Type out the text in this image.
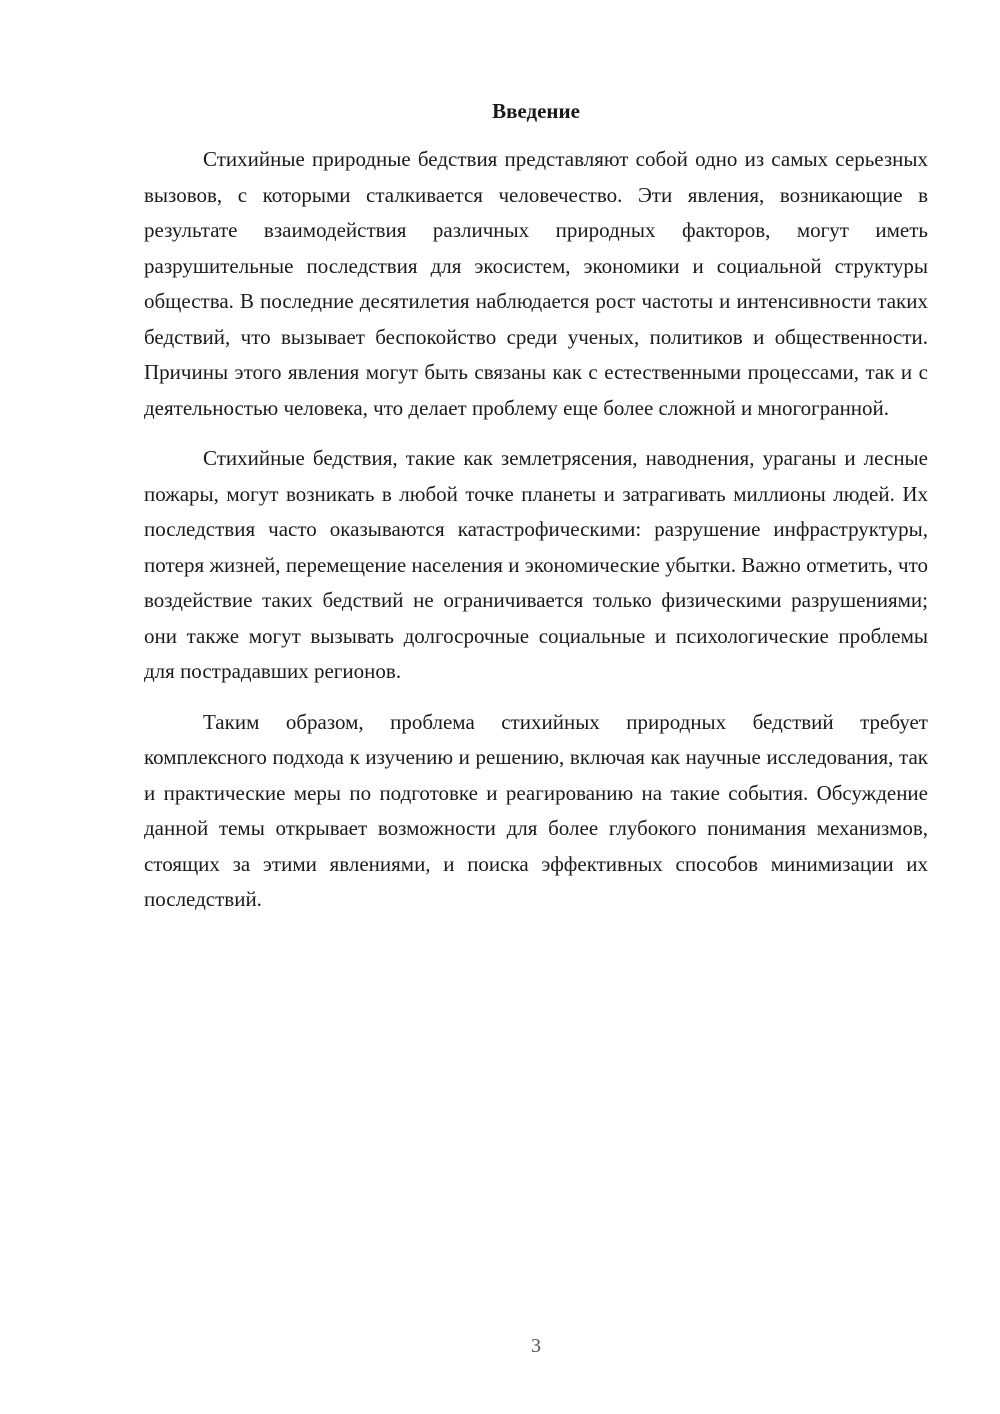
Введение

Стихийные природные бедствия представляют собой одно из самых серьезных вызовов, с которыми сталкивается человечество. Эти явления, возникающие в результате взаимодействия различных природных факторов, могут иметь разрушительные последствия для экосистем, экономики и социальной структуры общества. В последние десятилетия наблюдается рост частоты и интенсивности таких бедствий, что вызывает беспокойство среди ученых, политиков и общественности. Причины этого явления могут быть связаны как с естественными процессами, так и с деятельностью человека, что делает проблему еще более сложной и многогранной.

Стихийные бедствия, такие как землетрясения, наводнения, ураганы и лесные пожары, могут возникать в любой точке планеты и затрагивать миллионы людей. Их последствия часто оказываются катастрофическими: разрушение инфраструктуры, потеря жизней, перемещение населения и экономические убытки. Важно отметить, что воздействие таких бедствий не ограничивается только физическими разрушениями; они также могут вызывать долгосрочные социальные и психологические проблемы для пострадавших регионов.

Таким образом, проблема стихийных природных бедствий требует комплексного подхода к изучению и решению, включая как научные исследования, так и практические меры по подготовке и реагированию на такие события. Обсуждение данной темы открывает возможности для более глубокого понимания механизмов, стоящих за этими явлениями, и поиска эффективных способов минимизации их последствий.

3
